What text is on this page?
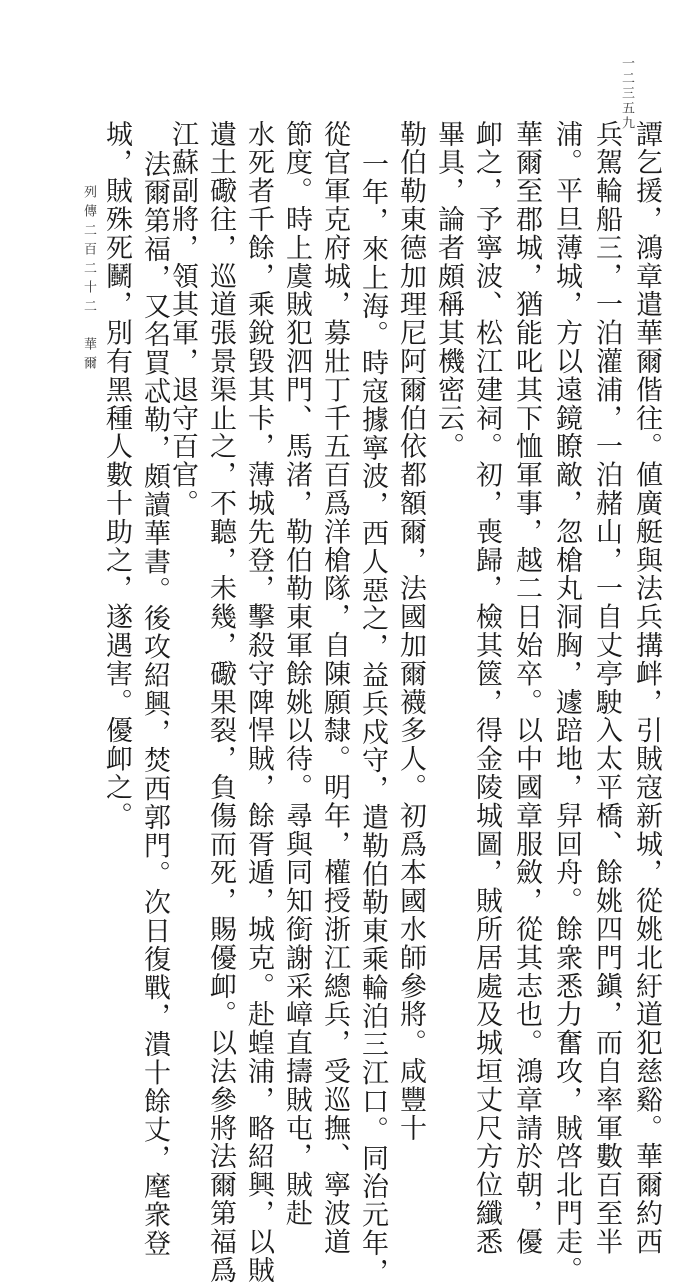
譚乞援，鴻章遣華爾偕往。値廣艇與法兵搆衅，引賊寇新城，從姚北紆道犯慈谿。華爾約西
兵駕輪船三，一泊灌浦，一泊赭山，一自丈亭駛入太平橋、餘姚四門鎭，而自率軍數百至半
浦。平旦薄城，方以遠鏡瞭敵，忽槍丸洞胸，遽踣地，舁回舟。餘衆悉力奮攻，賊啓北門走。
華爾至郡城，猶能叱其下恤軍事，越二日始卒。以中國章服斂，從其志也。鴻章請於朝，優
卹之，予寧波、松江建祠。初，喪歸，檢其篋，得金陵城圖，賊所居處及城垣丈尺方位纖悉
畢具，論者頗稱其機密云。
勒伯勒東德加理尼阿爾伯依都額爾，法國加爾襪多人。初爲本國水師參將。咸豐十
一年，來上海。時寇據寧波，西人惡之，益兵戍守，遣勒伯勒東乘輪泊三江口。同治元年，
從官軍克府城，募壯丁千五百爲洋槍隊，自陳願隸。明年，權授浙江總兵，受巡撫、寧波道
節度。時上虞賊犯泗門、馬渚，勒伯勒東軍餘姚以待。尋與同知銜謝采嶂直擣賊屯，賊赴
水死者千餘，乘銳毀其卡，薄城先登，擊殺守陴悍賊，餘胥遁，城克。赴蝗浦，略紹興，以賊
遺土礮往，巡道張景渠止之，不聽，未幾，礮果裂，負傷而死，賜優卹。以法參將法爾第福爲
江蘇副將，領其軍，退守百官。
法爾第福，又名買忒勒，頗讀華書。後攻紹興，焚西郭門。次日復戰，潰十餘丈，麾衆登
城，賊殊死鬭，別有黑種人數十助之，遂遇害。優卹之。
列傳二百二十二　華爾
一二三五九
